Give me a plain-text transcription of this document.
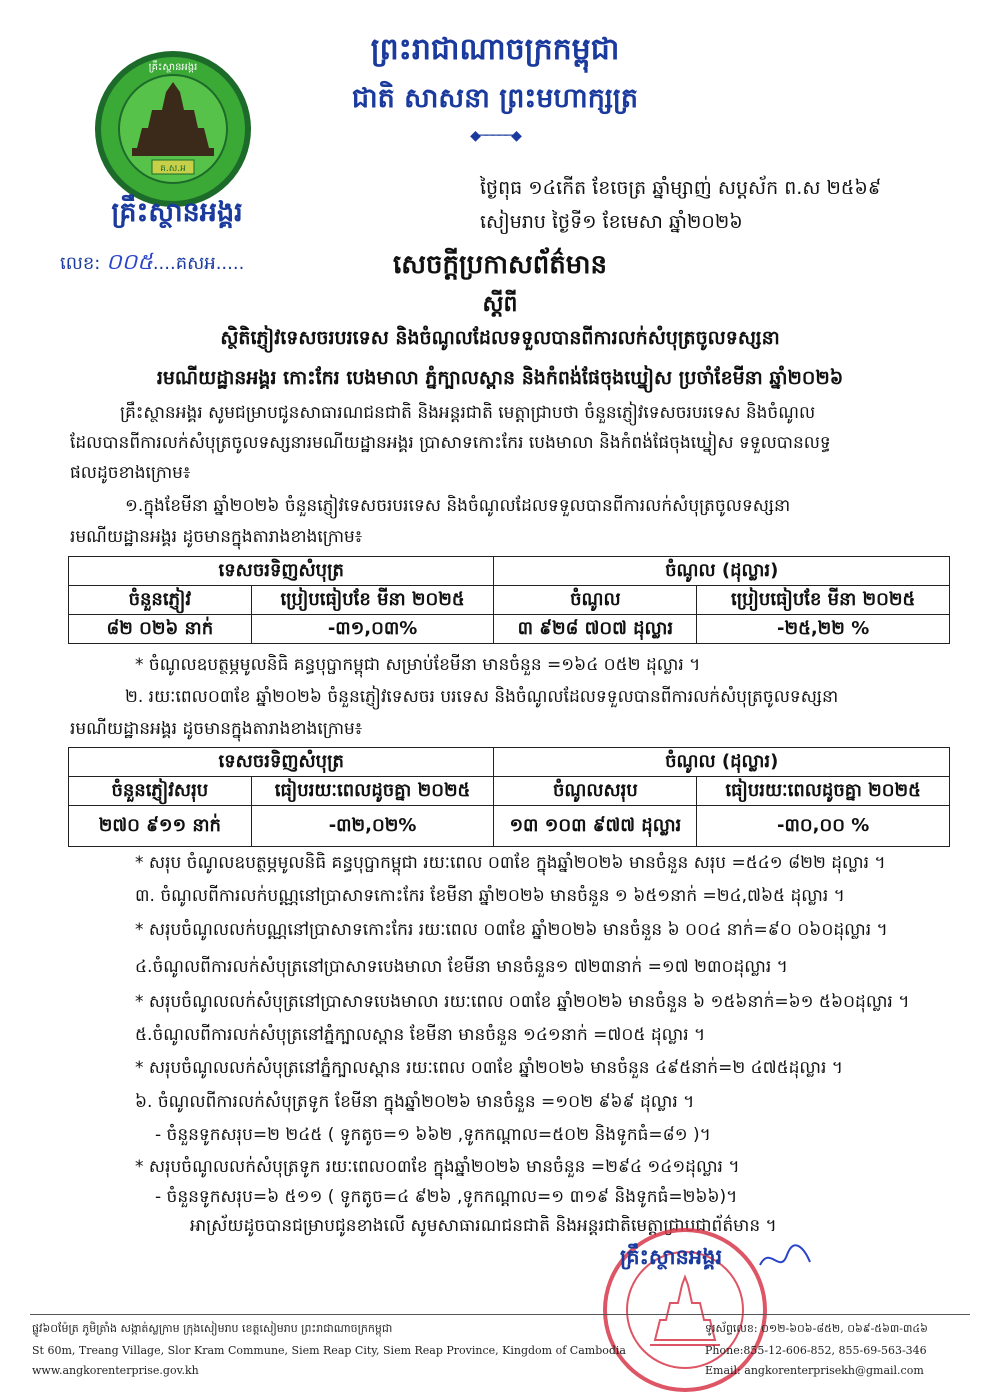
ព្រះរាជាណាចក្រកម្ពុជា
ជាតិ សាសនា ព្រះមហាក្សត្រ
◆─────◆
គ.ស.អ
គ្រឹះស្ថានអង្គរ
គ្រឹះស្ថានអង្គរ
លេខ: ០០៥....គសអ.....
ថ្ងៃពុធ ១៤កើត ខែចេត្រ ឆ្នាំម្សាញ់ សប្តស័ក ព.ស ២៥៦៩
សៀមរាប ថ្ងៃទី១ ខែមេសា ឆ្នាំ២០២៦
សេចក្តីប្រកាសព័ត៌មាន
ស្តីពី
ស្ថិតិភ្ញៀវទេសចរបរទេស និងចំណូលដែលទទួលបានពីការលក់សំបុត្រចូលទស្សនា
រមណីយដ្ឋានអង្គរ កោះកែរ បេងមាលា ភ្នំក្បាលស្ពាន និងកំពង់ផែចុងឃ្នៀស ប្រចាំខែមីនា ឆ្នាំ២០២៦
គ្រឹះស្ថានអង្គរ សូមជម្រាបជូនសាធារណជនជាតិ និងអន្តរជាតិ មេត្តាជ្រាបថា ចំនួនភ្ញៀវទេសចរបរទេស និងចំណូល
ដែលបានពីការលក់សំបុត្រចូលទស្សនារមណីយដ្ឋានអង្គរ ប្រាសាទកោះកែរ បេងមាលា និងកំពង់ផែចុងឃ្នៀស ទទួលបានលទ្ធ
ផលដូចខាងក្រោម៖
១.ក្នុងខែមីនា ឆ្នាំ២០២៦ ចំនួនភ្ញៀវទេសចរបរទេស និងចំណូលដែលទទួលបានពីការលក់សំបុត្រចូលទស្សនា
រមណីយដ្ឋានអង្គរ ដូចមានក្នុងតារាងខាងក្រោម៖
ទេសចរទិញសំបុត្រ		ចំណូល (ដុល្លារ)	
ចំនួនភ្ញៀវ	ប្រៀបធៀបខែ មីនា ២០២៥	ចំណូល	ប្រៀបធៀបខែ មីនា ២០២៥
៨២ ០២៦ នាក់	-៣១,០៣%	៣ ៩២៨ ៧០៧ ដុល្លារ	-២៥,២២ %
* ចំណូលឧបត្ថម្ភមូលនិធិ គន្ធបុប្ផាកម្ពុជា សម្រាប់ខែមីនា មានចំនួន =១៦៤ ០៥២ ដុល្លារ ។
២. រយៈពេល០៣ខែ ឆ្នាំ២០២៦ ចំនួនភ្ញៀវទេសចរ បរទេស និងចំណូលដែលទទួលបានពីការលក់សំបុត្រចូលទស្សនា
រមណីយដ្ឋានអង្គរ ដូចមានក្នុងតារាងខាងក្រោម៖
ទេសចរទិញសំបុត្រ		ចំណូល (ដុល្លារ)	
ចំនួនភ្ញៀវសរុប	ធៀបរយៈពេលដូចគ្នា ២០២៥	ចំណូលសរុប	ធៀបរយៈពេលដូចគ្នា ២០២៥
២៧០ ៩១១ នាក់	-៣២,០២%	១៣ ១០៣ ៩៧៧ ដុល្លារ	-៣០,០០ %
* សរុប ចំណូលឧបត្ថម្ភមូលនិធិ គន្ធបុប្ផាកម្ពុជា រយៈពេល ០៣ខែ ក្នុងឆ្នាំ២០២៦ មានចំនួន សរុប =៥៤១ ៨២២ ដុល្លារ ។
៣. ចំណូលពីការលក់បណ្ណនៅប្រាសាទកោះកែរ ខែមីនា ឆ្នាំ២០២៦ មានចំនួន ១ ៦៥១នាក់ =២៤,៧៦៥ ដុល្លារ ។
* សរុបចំណូលលក់បណ្ណនៅប្រាសាទកោះកែរ រយៈពេល ០៣ខែ ឆ្នាំ២០២៦ មានចំនួន ៦ ០០៤ នាក់=៩០ ០៦០ដុល្លារ ។
៤.ចំណូលពីការលក់សំបុត្រនៅប្រាសាទបេងមាលា ខែមីនា មានចំនួន១ ៧២៣នាក់ =១៧ ២៣០ដុល្លារ ។
* សរុបចំណូលលក់សំបុត្រនៅប្រាសាទបេងមាលា រយៈពេល ០៣ខែ ឆ្នាំ២០២៦ មានចំនួន ៦ ១៥៦នាក់=៦១ ៥៦០ដុល្លារ ។
៥.ចំណូលពីការលក់សំបុត្រនៅភ្នំក្បាលស្ពាន ខែមីនា មានចំនួន ១៤១នាក់ =៧០៥ ដុល្លារ ។
* សរុបចំណូលលក់សំបុត្រនៅភ្នំក្បាលស្ពាន រយៈពេល ០៣ខែ ឆ្នាំ២០២៦ មានចំនួន ៤៩៥នាក់=២ ៤៧៥ដុល្លារ ។
៦. ចំណូលពីការលក់សំបុត្រទូក ខែមីនា ក្នុងឆ្នាំ២០២៦ មានចំនួន =១០២ ៩៦៩ ដុល្លារ ។
- ចំនួនទូកសរុប=២ ២៤៥ ( ទូកតូច=១ ៦៦២ ,ទូកកណ្តាល=៥០២ និងទូកធំ=៨១ )។
* សរុបចំណូលលក់សំបុត្រទូក រយៈពេល០៣ខែ ក្នុងឆ្នាំ២០២៦ មានចំនួន =២៩៤ ១៤១ដុល្លារ ។
- ចំនួនទូកសរុប=៦ ៥១១ ( ទូកតូច=៤ ៩២៦ ,ទូកកណ្តាល=១ ៣១៩ និងទូកធំ=២៦៦)។
អាស្រ័យដូចបានជម្រាបជូនខាងលើ សូមសាធារណជនជាតិ និងអន្តរជាតិមេត្តាជ្រាបជាព័ត៌មាន ។
គ្រឹះស្ថានអង្គរ
ផ្លូវ៦០ម៉ែត្រ ភូមិត្រាំង សង្កាត់ស្លក្រាម ក្រុងសៀមរាប ខេត្តសៀមរាប ព្រះរាជាណាចក្រកម្ពុជា
St 60m, Treang Village, Slor Kram Commune, Siem Reap City, Siem Reap Province, Kingdom of Cambodia
www.angkorenterprise.gov.kh
ទូរស័ព្ទលេខ: ០១២-៦០៦-៨៥២, ០៦៩-៥៦៣-៣៤៦
Phone:855-12-606-852, 855-69-563-346
Email: angkorenterprisekh@gmail.com
